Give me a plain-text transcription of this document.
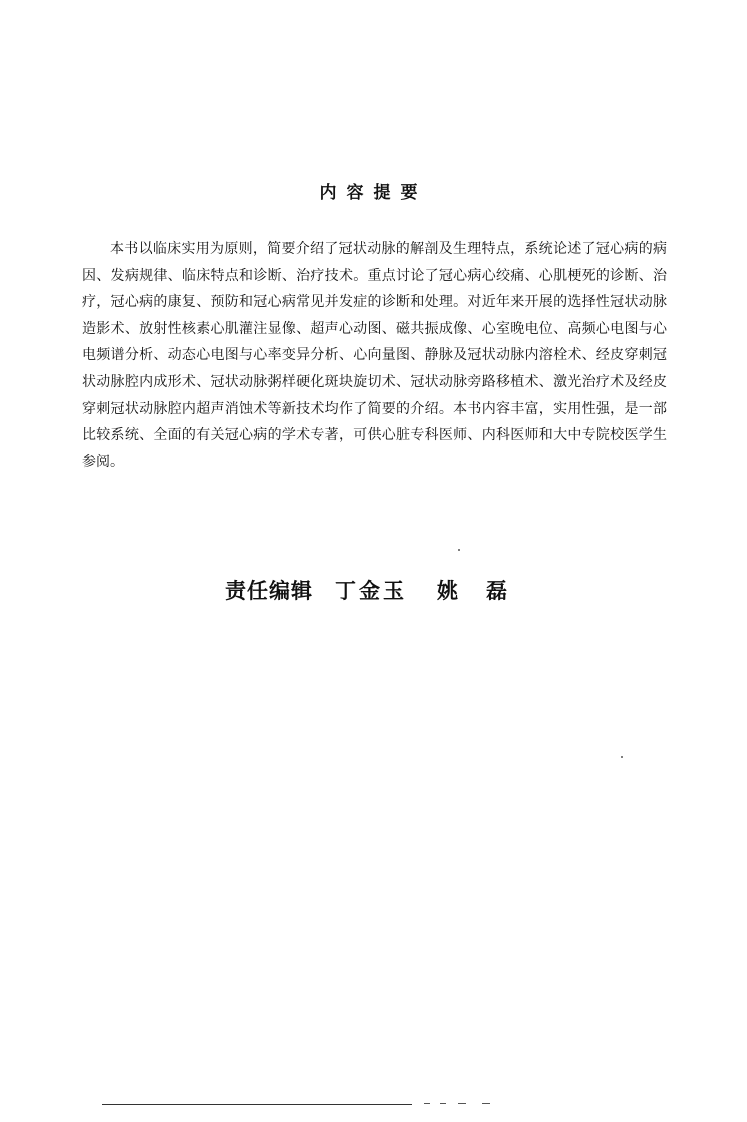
内容提要

本书以临床实用为原则，简要介绍了冠状动脉的解剖及生理特点，系统论述了冠心病的病因、发病规律、临床特点和诊断、治疗技术。重点讨论了冠心病心绞痛、心肌梗死的诊断、治疗，冠心病的康复、预防和冠心病常见并发症的诊断和处理。对近年来开展的选择性冠状动脉造影术、放射性核素心肌灌注显像、超声心动图、磁共振成像、心室晚电位、高频心电图与心电频谱分析、动态心电图与心率变异分析、心向量图、静脉及冠状动脉内溶栓术、经皮穿刺冠状动脉腔内成形术、冠状动脉粥样硬化斑块旋切术、冠状动脉旁路移植术、激光治疗术及经皮穿刺冠状动脉腔内超声消蚀术等新技术均作了简要的介绍。本书内容丰富，实用性强，是一部比较系统、全面的有关冠心病的学术专著，可供心脏专科医师、内科医师和大中专院校医学生参阅。

责任编辑 丁金玉 姚磊
